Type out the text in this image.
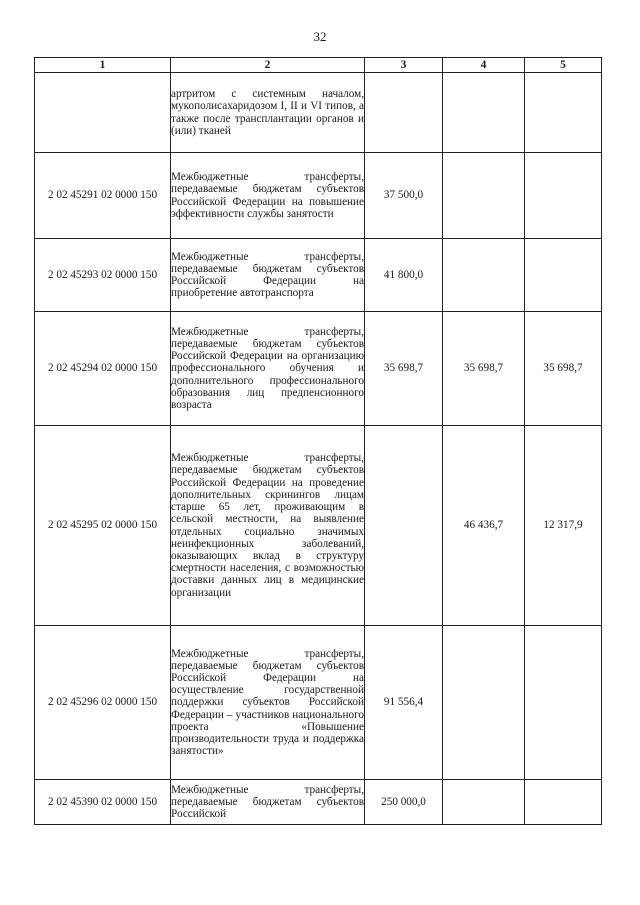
32
1	2	3	4	5
	артритом с системным началом, мукополисахаридозом I, II и VI типов, а также после трансплантации органов и (или) тканей			
2 02 45291 02 0000 150	Межбюджетные трансферты, передаваемые бюджетам субъектов Российской Федерации на повышение эффективности службы занятости	37 500,0		
2 02 45293 02 0000 150	Межбюджетные трансферты, передаваемые бюджетам субъектов Российской Федерации на приобретение автотранспорта	41 800,0		
2 02 45294 02 0000 150	Межбюджетные трансферты, передаваемые бюджетам субъектов Российской Федерации на организацию профессионального обучения и дополнительного профессионального образования лиц предпенсионного возраста	35 698,7	35 698,7	35 698,7
2 02 45295 02 0000 150	Межбюджетные трансферты, передаваемые бюджетам субъектов Российской Федерации на проведение дополнительных скринингов лицам старше 65 лет, проживающим в сельской местности, на выявление отдельных социально значимых неинфекционных заболеваний, оказывающих вклад в структуру смертности населения, с возможностью доставки данных лиц в медицинские организации		46 436,7	12 317,9
2 02 45296 02 0000 150	Межбюджетные трансферты, передаваемые бюджетам субъектов Российской Федерации на осуществление государственной поддержки субъектов Российской Федерации – участников национального проекта «Повышение производительности труда и поддержка занятости»	91 556,4		
2 02 45390 02 0000 150	Межбюджетные трансферты, передаваемые бюджетам субъектов Российской	250 000,0		
